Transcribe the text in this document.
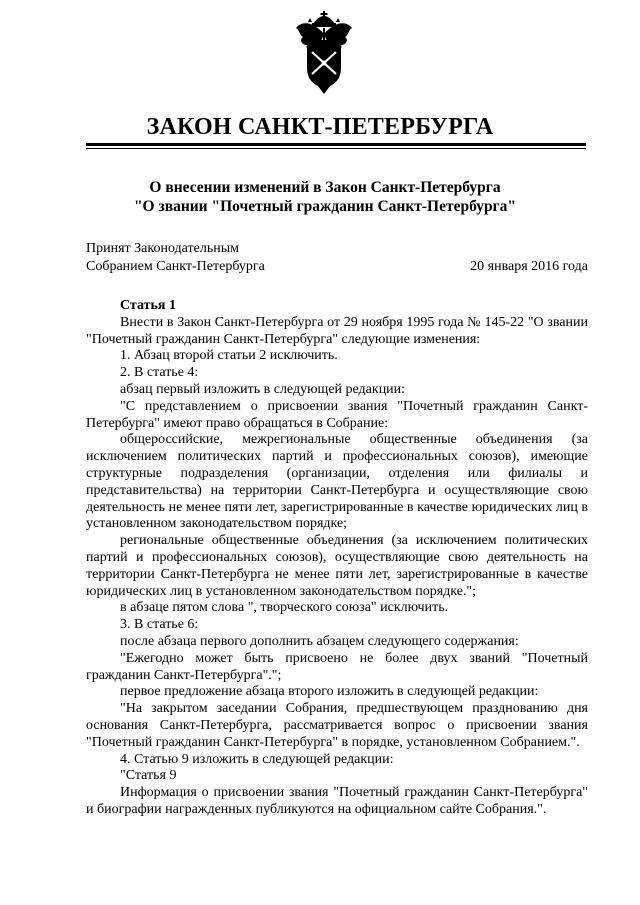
ЗАКОН САНКТ-ПЕТЕРБУРГА
О внесении изменений в Закон Санкт-Петербурга
"О звании "Почетный гражданин Санкт-Петербурга"
Принят Законодательным
Собранием Санкт-Петербурга	20 января 2016 года

Статья 1

Внести в Закон Санкт-Петербурга от 29 ноября 1995 года № 145-22 "О звании "Почетный гражданин Санкт-Петербурга" следующие изменения:

1. Абзац второй статьи 2 исключить.

2. В статье 4:

абзац первый изложить в следующей редакции:

"С представлением о присвоении звания "Почетный гражданин Санкт-Петербурга" имеют право обращаться в Собрание:

общероссийские, межрегиональные общественные объединения (за исключением политических партий и профессиональных союзов), имеющие структурные подразделения (организации, отделения или филиалы и представительства) на территории Санкт-Петербурга и осуществляющие свою деятельность не менее пяти лет, зарегистрированные в качестве юридических лиц в установленном законодательством порядке;

региональные общественные объединения (за исключением политических партий и профессиональных союзов), осуществляющие свою деятельность на территории Санкт-Петербурга не менее пяти лет, зарегистрированные в качестве юридических лиц в установленном законодательством порядке.";

в абзаце пятом слова ", творческого союза" исключить.

3. В статье 6:

после абзаца первого дополнить абзацем следующего содержания:

"Ежегодно может быть присвоено не более двух званий "Почетный гражданин Санкт-Петербурга".";

первое предложение абзаца второго изложить в следующей редакции:

"На закрытом заседании Собрания, предшествующем празднованию дня основания Санкт-Петербурга, рассматривается вопрос о присвоении звания "Почетный гражданин Санкт-Петербурга" в порядке, установленном Собранием.".

4. Статью 9 изложить в следующей редакции:

"Статья 9

Информация о присвоении звания "Почетный гражданин Санкт-Петербурга" и биографии награжденных публикуются на официальном сайте Собрания.".
